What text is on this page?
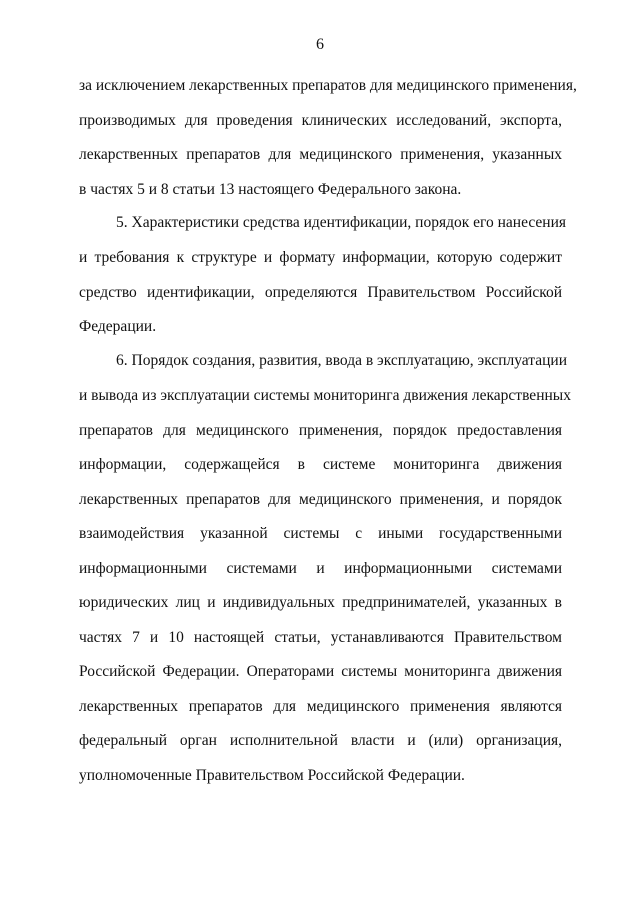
6
за исключением лекарственных препаратов для медицинского применения,
производимых для проведения клинических исследований, экспорта,
лекарственных препаратов для медицинского применения, указанных
в частях 5 и 8 статьи 13 настоящего Федерального закона.
5. Характеристики средства идентификации, порядок его нанесения
и требования к структуре и формату информации, которую содержит
средство идентификации, определяются Правительством Российской
Федерации.
6. Порядок создания, развития, ввода в эксплуатацию, эксплуатации
и вывода из эксплуатации системы мониторинга движения лекарственных
препаратов для медицинского применения, порядок предоставления
информации, содержащейся в системе мониторинга движения
лекарственных препаратов для медицинского применения, и порядок
взаимодействия указанной системы с иными государственными
информационными системами и информационными системами
юридических лиц и индивидуальных предпринимателей, указанных в
частях 7 и 10 настоящей статьи, устанавливаются Правительством
Российской Федерации. Операторами системы мониторинга движения
лекарственных препаратов для медицинского применения являются
федеральный орган исполнительной власти и (или) организация,
уполномоченные Правительством Российской Федерации.
